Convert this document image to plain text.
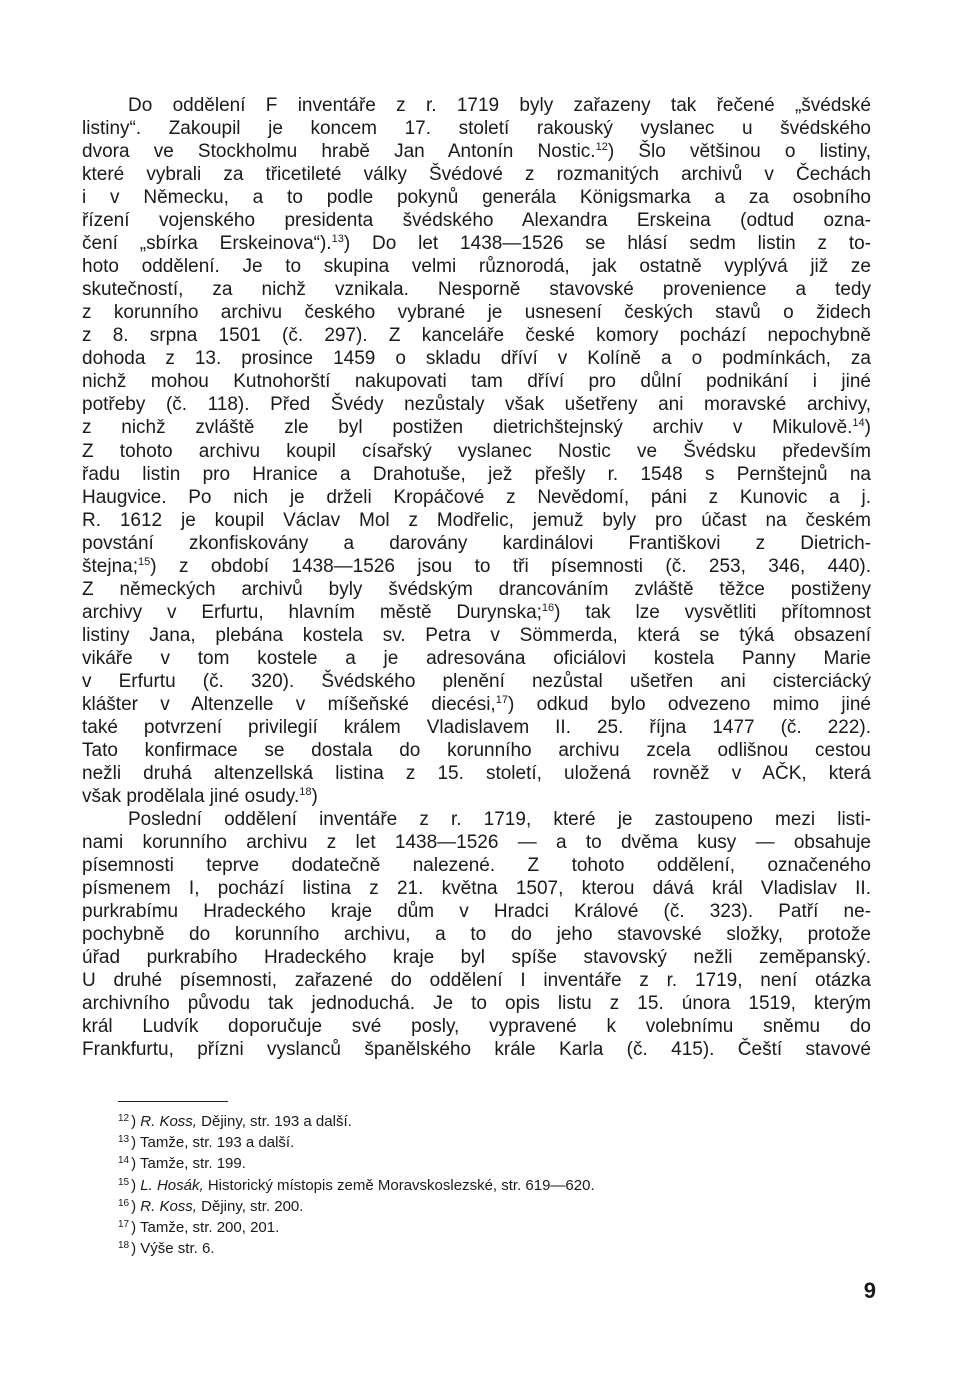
Do oddělení F inventáře z r. 1719 byly zařazeny tak řečené „švédské
listiny“. Zakoupil je koncem 17. století rakouský vyslanec u švédského
dvora ve Stockholmu hrabě Jan Antonín Nostic.$^{12}$) Šlo většinou o listiny,
které vybrali za třicetileté války Švédové z rozmanitých archivů v Čechách
i v Německu, a to podle pokynů generála Königsmarka a za osobního
řízení vojenského presidenta švédského Alexandra Erskeina (odtud ozna-
čení „sbírka Erskeinova“).$^{13}$) Do let 1438—1526 se hlásí sedm listin z to-
hoto oddělení. Je to skupina velmi různorodá, jak ostatně vyplývá již ze
skutečností, za nichž vznikala. Nesporně stavovské provenience a tedy
z korunního archivu českého vybrané je usnesení českých stavů o židech
z 8. srpna 1501 (č. 297). Z kanceláře české komory pochází nepochybně
dohoda z 13. prosince 1459 o skladu dříví v Kolíně a o podmínkách, za
nichž mohou Kutnohorští nakupovati tam dříví pro důlní podnikání i jiné
potřeby (č. 118). Před Švédy nezůstaly však ušetřeny ani moravské archivy,
z nichž zvláště zle byl postižen dietrichštejnský archiv v Mikulově.$^{14}$)
Z tohoto archivu koupil císařský vyslanec Nostic ve Švédsku především
řadu listin pro Hranice a Drahotuše, jež přešly r. 1548 s Pernštejnů na
Haugvice. Po nich je drželi Kropáčové z Nevědomí, páni z Kunovic a j.
R. 1612 je koupil Václav Mol z Modřelic, jemuž byly pro účast na českém
povstání zkonfiskovány a darovány kardinálovi Františkovi z Dietrich-
štejna;$^{15}$) z období 1438—1526 jsou to tři písemnosti (č. 253, 346, 440).
Z německých archivů byly švédským drancováním zvláště těžce postiženy
archivy v Erfurtu, hlavním městě Durynska;$^{16}$) tak lze vysvětliti přítomnost
listiny Jana, plebána kostela sv. Petra v Sömmerda, která se týká obsazení
vikáře v tom kostele a je adresována oficiálovi kostela Panny Marie
v Erfurtu (č. 320). Švédského plenění nezůstal ušetřen ani cisterciácký
klášter v Altenzelle v míšeňské diecési,$^{17}$) odkud bylo odvezeno mimo jiné
také potvrzení privilegií králem Vladislavem II. 25. října 1477 (č. 222).
Tato konfirmace se dostala do korunního archivu zcela odlišnou cestou
nežli druhá altenzellská listina z 15. století, uložená rovněž v AČK, která
však prodělala jiné osudy.$^{18}$)
Poslední oddělení inventáře z r. 1719, které je zastoupeno mezi listi-
nami korunního archivu z let 1438—1526 — a to dvěma kusy — obsahuje
písemnosti teprve dodatečně nalezené. Z tohoto oddělení, označeného
písmenem I, pochází listina z 21. května 1507, kterou dává král Vladislav II.
purkrabímu Hradeckého kraje dům v Hradci Králové (č. 323). Patří ne-
pochybně do korunního archivu, a to do jeho stavovské složky, protože
úřad purkrabího Hradeckého kraje byl spíše stavovský nežli zeměpanský.
U druhé písemnosti, zařazené do oddělení I inventáře z r. 1719, není otázka
archivního původu tak jednoduchá. Je to opis listu z 15. února 1519, kterým
král Ludvík doporučuje své posly, vypravené k volebnímu sněmu do
Frankfurtu, přízni vyslanců španělského krále Karla (č. 415). Čeští stavové
$^{12}$ ) R. Koss, Dějiny, str. 193 a další.
$^{13}$ ) Tamže, str. 193 a další.
$^{14}$ ) Tamže, str. 199.
$^{15}$ ) L. Hosák, Historický místopis země Moravskoslezské, str. 619—620.
$^{16}$ ) R. Koss, Dějiny, str. 200.
$^{17}$ ) Tamže, str. 200, 201.
$^{18}$ ) Výše str. 6.
9
